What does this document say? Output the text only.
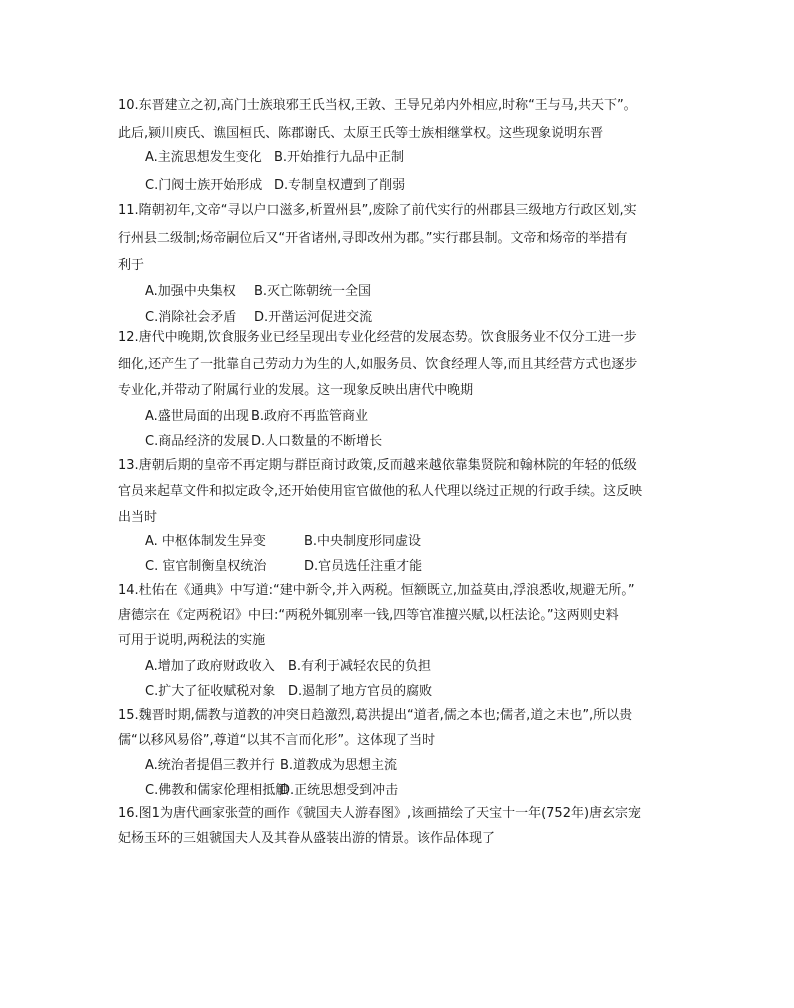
10.东晋建立之初,高门士族琅邪王氏当权,王敦、王导兄弟内外相应,时称“王与马,共天下”。
此后,颍川庾氏、谯国桓氏、陈郡谢氏、太原王氏等士族相继掌权。这些现象说明东晋
A.主流思想发生变化 B.开始推行九品中正制
C.门阀士族开始形成 D.专制皇权遭到了削弱
11.隋朝初年,文帝“寻以户口滋多,析置州县”,废除了前代实行的州郡县三级地方行政区划,实
行州县二级制;炀帝嗣位后又“开省诸州,寻即改州为郡。”实行郡县制。文帝和炀帝的举措有
利于
A.加强中央集权 B.灭亡陈朝统一全国
C.消除社会矛盾 D.开凿运河促进交流
12.唐代中晚期,饮食服务业已经呈现出专业化经营的发展态势。饮食服务业不仅分工进一步
细化,还产生了一批靠自己劳动力为生的人,如服务员、饮食经理人等,而且其经营方式也逐步
专业化,并带动了附属行业的发展。这一现象反映出唐代中晚期
A.盛世局面的出现 B.政府不再监管商业
C.商品经济的发展 D.人口数量的不断增长
13.唐朝后期的皇帝不再定期与群臣商讨政策,反而越来越依靠集贤院和翰林院的年轻的低级
官员来起草文件和拟定政令,还开始使用宦官做他的私人代理以绕过正规的行政手续。这反映
出当时
A. 中枢体制发生异变	B.中央制度形同虚设
C. 宦官制衡皇权统治	D.官员选任注重才能
14.杜佑在《通典》中写道:“建中新令,并入两税。恒额既立,加益莫由,浮浪悉收,规避无所。”
唐德宗在《定两税诏》中曰:“两税外辄别率一钱,四等官准擅兴赋,以枉法论。”这两则史料
可用于说明,两税法的实施
A.增加了政府财政收入 B.有利于减轻农民的负担
C.扩大了征收赋税对象 D.遏制了地方官员的腐败
15.魏晋时期,儒教与道教的冲突日趋激烈,葛洪提出“道者,儒之本也;儒者,道之末也”,所以贵
儒“以移风易俗”,尊道“以其不言而化形”。这体现了当时
A.统治者提倡三教并行 B.道教成为思想主流
C.佛教和儒家伦理相抵触
D.正统思想受到冲击
16.图1为唐代画家张萱的画作《虢国夫人游春图》,该画描绘了天宝十一年(752年)唐玄宗宠
妃杨玉环的三姐虢国夫人及其眷从盛装出游的情景。该作品体现了
